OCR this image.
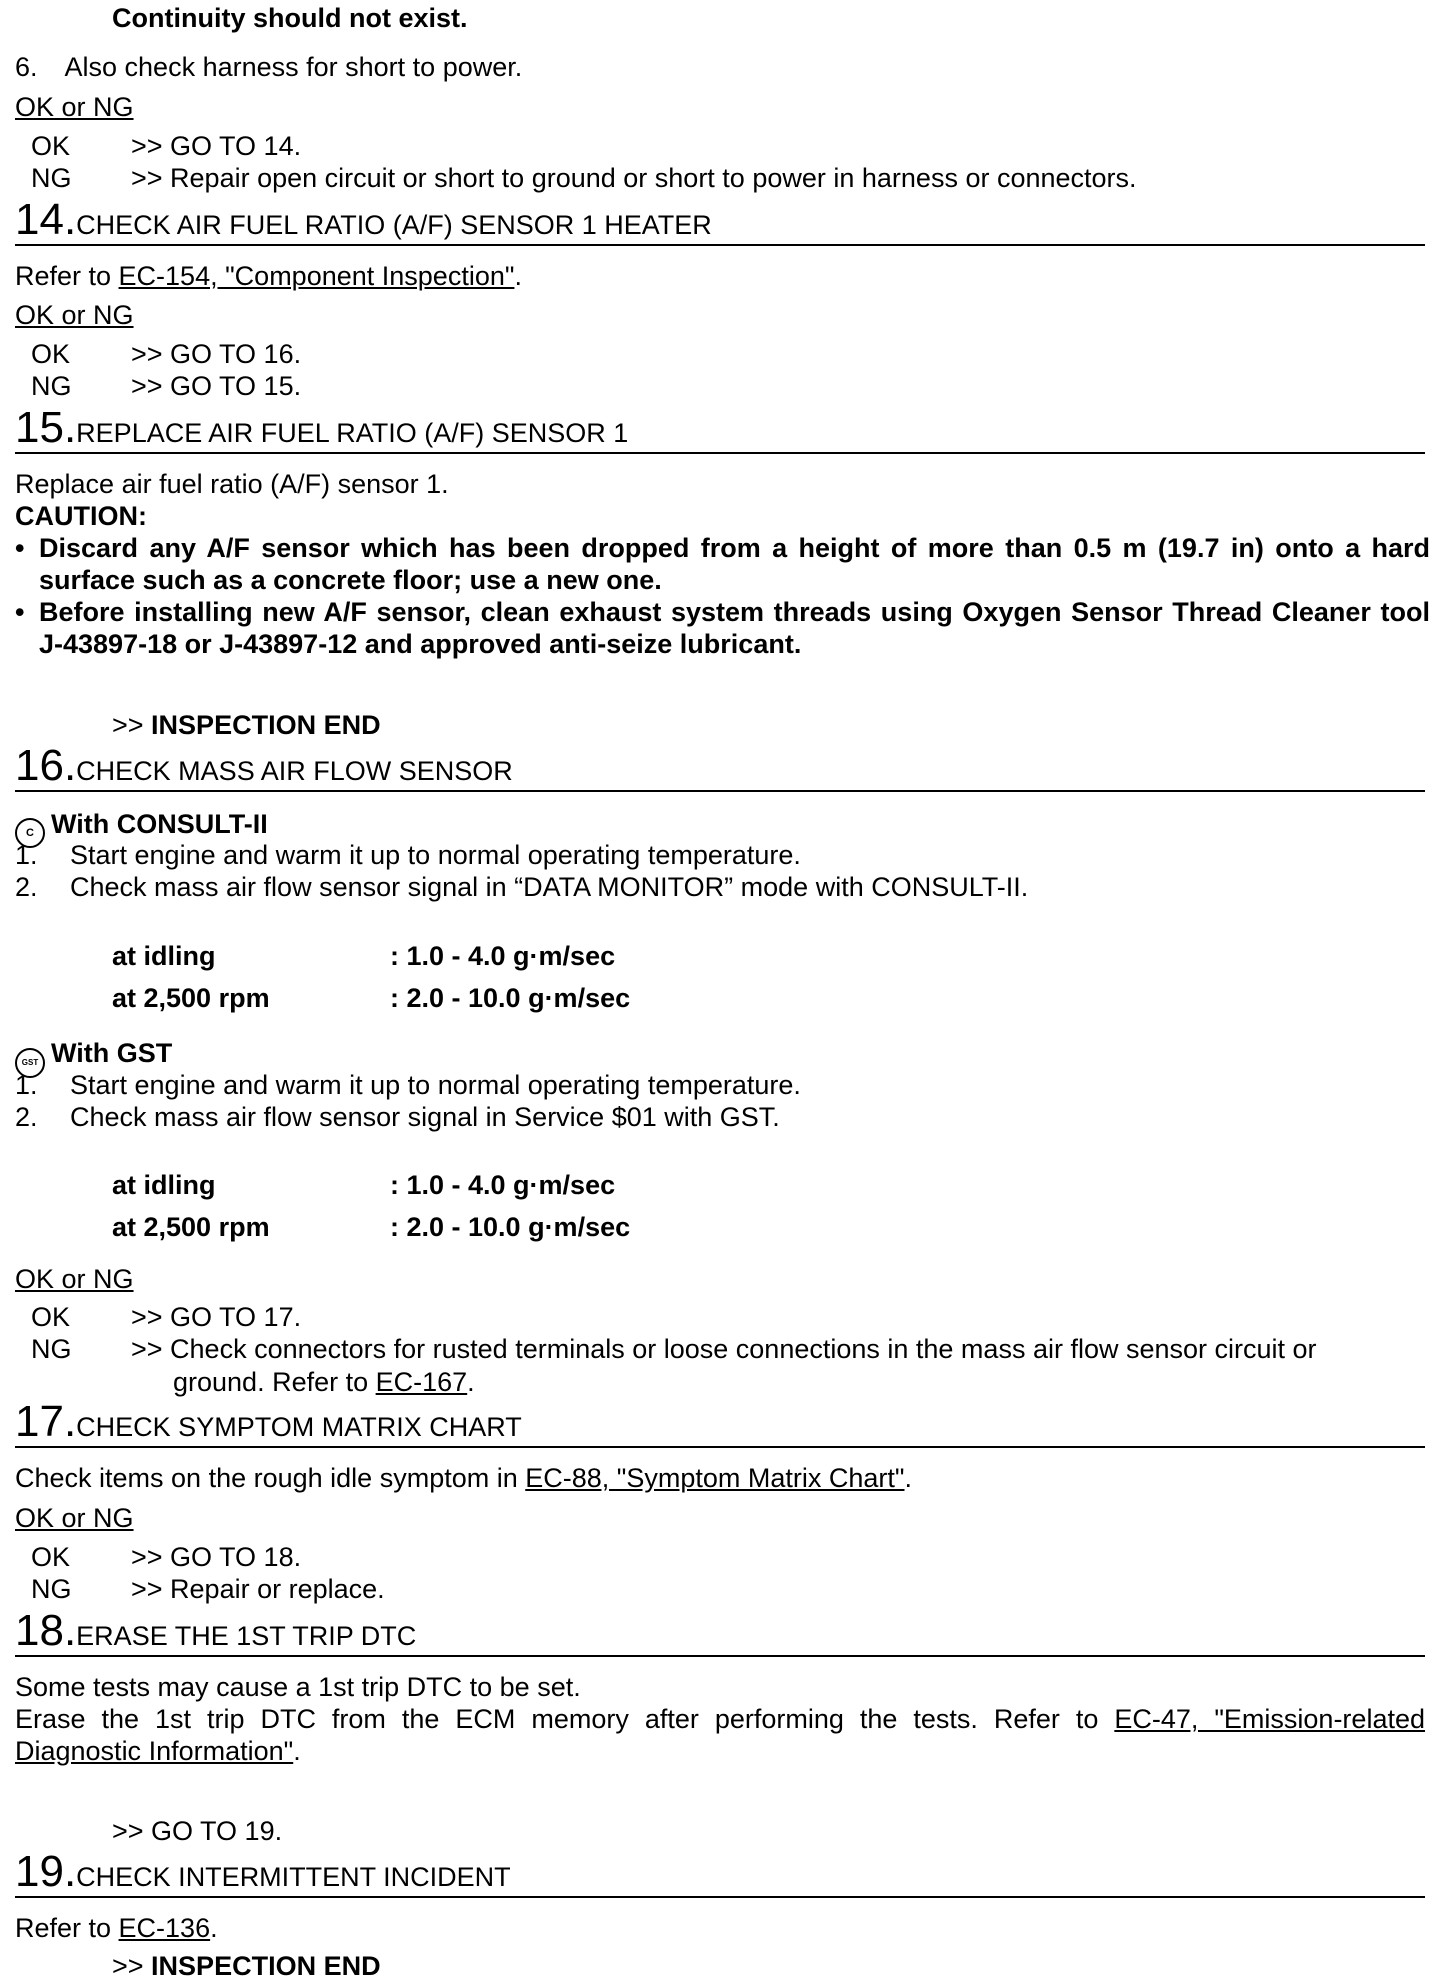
Continuity should not exist.
6. Also check harness for short to power.
OK or NG
OK >> GO TO 14.
NG >> Repair open circuit or short to ground or short to power in harness or connectors.
14.CHECK AIR FUEL RATIO (A/F) SENSOR 1 HEATER
Refer to EC-154, "Component Inspection".
OK or NG
OK >> GO TO 16.
NG >> GO TO 15.
15.REPLACE AIR FUEL RATIO (A/F) SENSOR 1
Replace air fuel ratio (A/F) sensor 1.
CAUTION:
• Discard any A/F sensor which has been dropped from a height of more than 0.5 m (19.7 in) onto a hard surface such as a concrete floor; use a new one.
• Before installing new A/F sensor, clean exhaust system threads using Oxygen Sensor Thread Cleaner tool J-43897-18 or J-43897-12 and approved anti-seize lubricant.
>> INSPECTION END
16.CHECK MASS AIR FLOW SENSOR
C With CONSULT-II
1. Start engine and warm it up to normal operating temperature.
2. Check mass air flow sensor signal in “DATA MONITOR” mode with CONSULT-II.
at idling	: 1.0 - 4.0 g·m/sec
at 2,500 rpm	: 2.0 - 10.0 g·m/sec
GST With GST
1. Start engine and warm it up to normal operating temperature.
2. Check mass air flow sensor signal in Service $01 with GST.
at idling	: 1.0 - 4.0 g·m/sec
at 2,500 rpm	: 2.0 - 10.0 g·m/sec
OK or NG
OK >> GO TO 17.
NG >> Check connectors for rusted terminals or loose connections in the mass air flow sensor circuit or
ground. Refer to EC-167.
17.CHECK SYMPTOM MATRIX CHART
Check items on the rough idle symptom in EC-88, "Symptom Matrix Chart".
OK or NG
OK >> GO TO 18.
NG >> Repair or replace.
18.ERASE THE 1ST TRIP DTC
Some tests may cause a 1st trip DTC to be set.
Erase the 1st trip DTC from the ECM memory after performing the tests. Refer to EC-47, "Emission-related
Diagnostic Information".
>> GO TO 19.
19.CHECK INTERMITTENT INCIDENT
Refer to EC-136.
>> INSPECTION END
